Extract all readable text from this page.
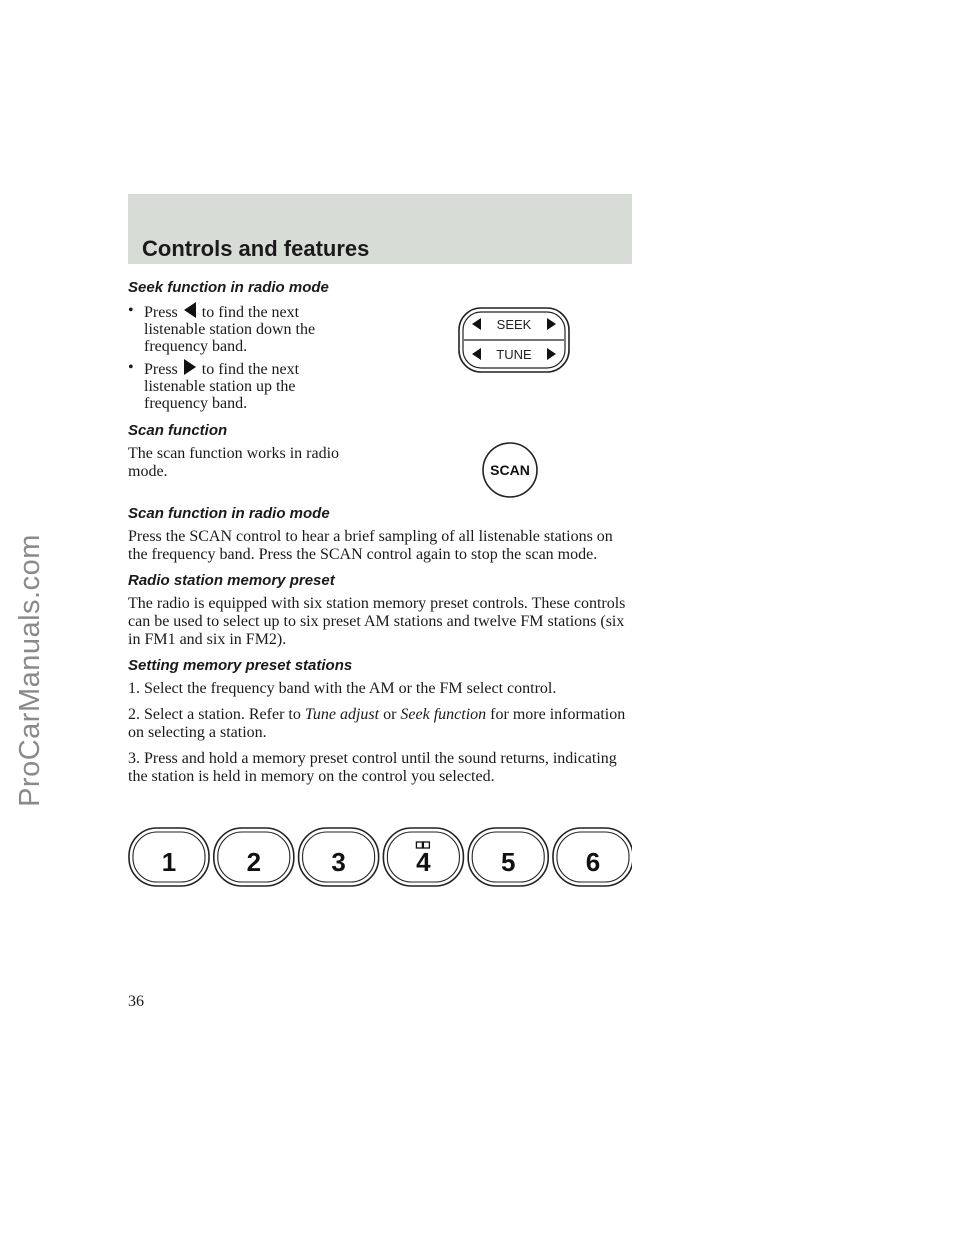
ProCarManuals.com
Controls and features
Seek function in radio mode
• Press to find the next listenable station down the frequency band.
• Press to find the next listenable station up the frequency band.
Scan function

The scan function works in radio mode.

Scan function in radio mode

Press the SCAN control to hear a brief sampling of all listenable stations on the frequency band. Press the SCAN control again to stop the scan mode.

Radio station memory preset

The radio is equipped with six station memory preset controls. These controls can be used to select up to six preset AM stations and twelve FM stations (six in FM1 and six in FM2).

Setting memory preset stations

1. Select the frequency band with the AM or the FM select control.

2. Select a station. Refer to Tune adjust or Seek function for more information on selecting a station.

3. Press and hold a memory preset control until the sound returns, indicating the station is held in memory on the control you selected.

SEEK
TUNE
SCAN
1	2	3	4	5	6
36
